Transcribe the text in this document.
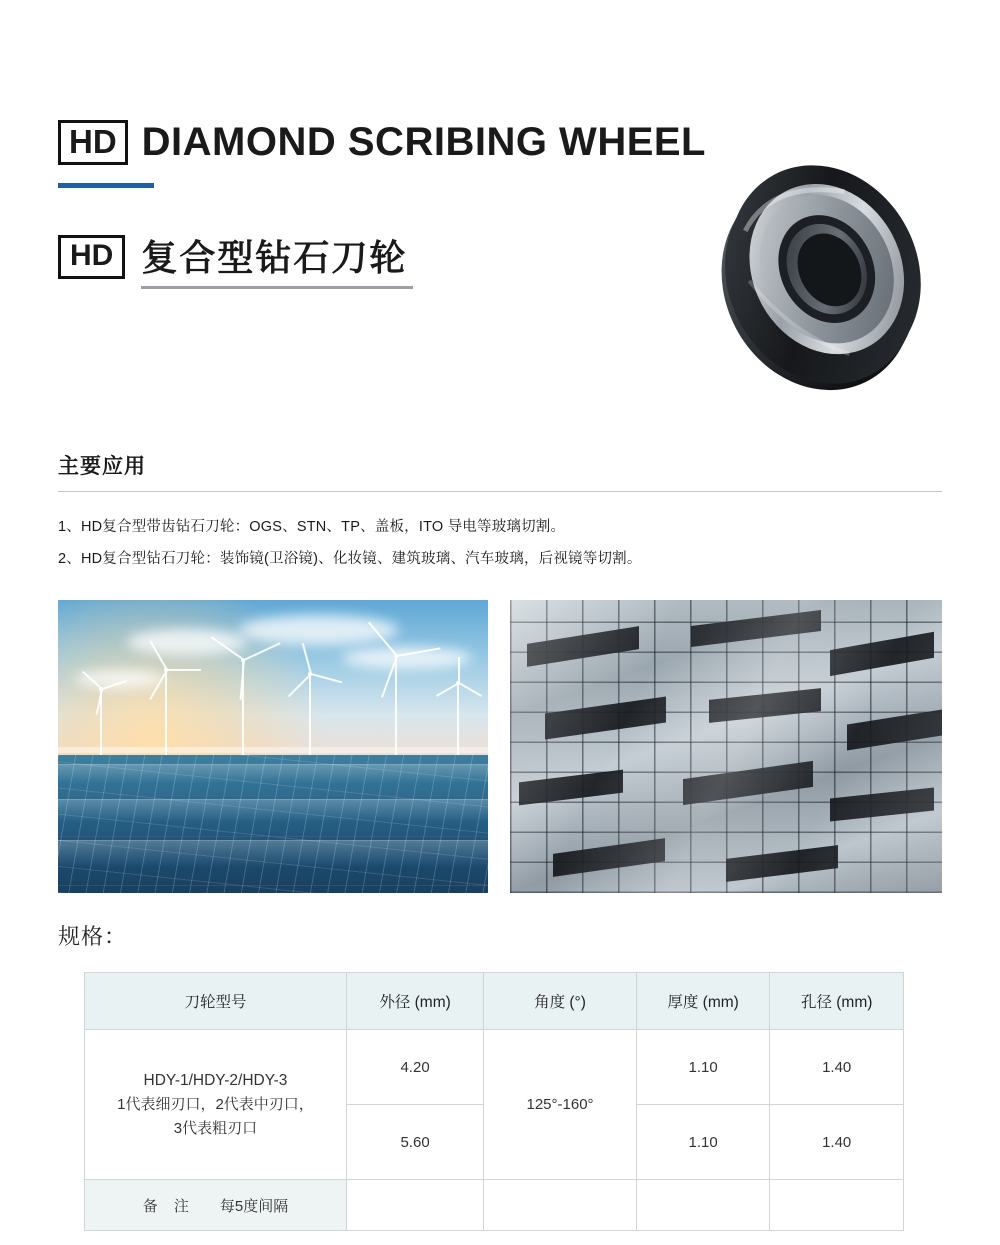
HD DIAMOND SCRIBING WHEEL
HD 复合型钻石刀轮
主要应用
1、HD复合型带齿钻石刀轮：OGS、STN、TP、盖板，ITO 导电等玻璃切割。
2、HD复合型钻石刀轮：装饰镜(卫浴镜)、化妆镜、建筑玻璃、汽车玻璃，后视镜等切割。
规格：
刀轮型号	外径 (mm)	角度 (°)	厚度 (mm)	孔径 (mm)

HDY-1/HDY-2/HDY-3
1代表细刃口，2代表中刃口，
3代表粗刃口	4.20	125°-160°	1.10	1.40
	5.60		1.10	1.40
备 注 每5度间隔				
